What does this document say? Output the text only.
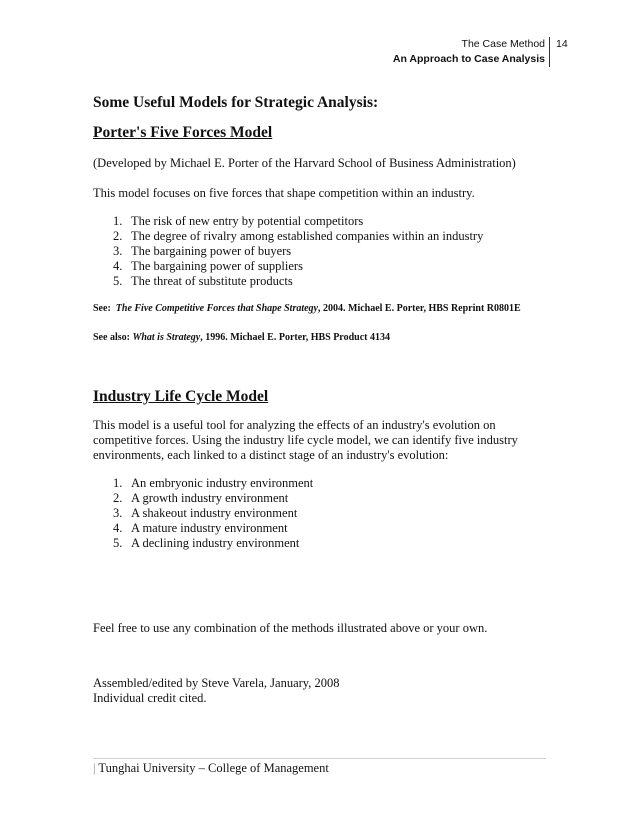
The Case Method
An Approach to Case Analysis
14
Some Useful Models for Strategic Analysis:
Porter's Five Forces Model

(Developed by Michael E. Porter of the Harvard School of Business Administration)

This model focuses on five forces that shape competition within an industry.

1. The risk of new entry by potential competitors
2. The degree of rivalry among established companies within an industry
3. The bargaining power of buyers
4. The bargaining power of suppliers
5. The threat of substitute products
See: The Five Competitive Forces that Shape Strategy, 2004. Michael E. Porter, HBS Reprint R0801E
See also: What is Strategy, 1996. Michael E. Porter, HBS Product 4134
Industry Life Cycle Model

This model is a useful tool for analyzing the effects of an industry's evolution on

competitive forces. Using the industry life cycle model, we can identify five industry

environments, each linked to a distinct stage of an industry's evolution:

1. An embryonic industry environment
2. A growth industry environment
3. A shakeout industry environment
4. A mature industry environment
5. A declining industry environment

Feel free to use any combination of the methods illustrated above or your own.

Assembled/edited by Steve Varela, January, 2008

Individual credit cited.

| Tunghai University – College of Management
